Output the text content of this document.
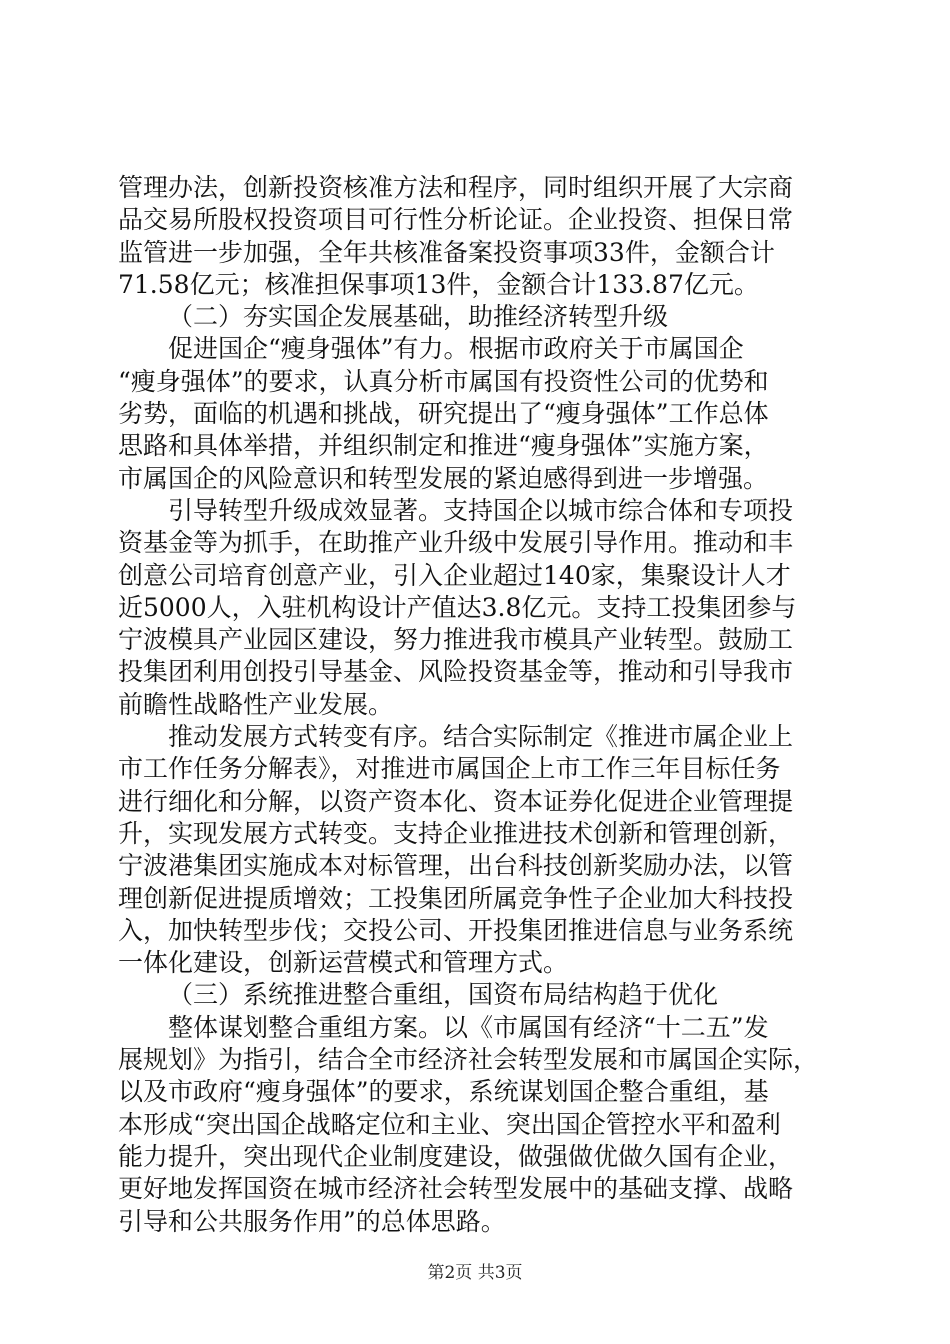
管理办法，创新投资核准方法和程序，同时组织开展了大宗商
品交易所股权投资项目可行性分析论证。企业投资、担保日常
监管进一步加强，全年共核准备案投资事项33件，金额合计
71.58亿元；核准担保事项13件，金额合计133.87亿元。
（二）夯实国企发展基础，助推经济转型升级
促进国企“瘦身强体”有力。根据市政府关于市属国企
“瘦身强体”的要求，认真分析市属国有投资性公司的优势和
劣势，面临的机遇和挑战，研究提出了“瘦身强体”工作总体
思路和具体举措，并组织制定和推进“瘦身强体”实施方案，
市属国企的风险意识和转型发展的紧迫感得到进一步增强。
引导转型升级成效显著。支持国企以城市综合体和专项投
资基金等为抓手，在助推产业升级中发展引导作用。推动和丰
创意公司培育创意产业，引入企业超过140家，集聚设计人才
近5000人，入驻机构设计产值达3.8亿元。支持工投集团参与
宁波模具产业园区建设，努力推进我市模具产业转型。鼓励工
投集团利用创投引导基金、风险投资基金等，推动和引导我市
前瞻性战略性产业发展。
推动发展方式转变有序。结合实际制定《推进市属企业上
市工作任务分解表》，对推进市属国企上市工作三年目标任务
进行细化和分解，以资产资本化、资本证券化促进企业管理提
升，实现发展方式转变。支持企业推进技术创新和管理创新，
宁波港集团实施成本对标管理，出台科技创新奖励办法，以管
理创新促进提质增效；工投集团所属竞争性子企业加大科技投
入，加快转型步伐；交投公司、开投集团推进信息与业务系统
一体化建设，创新运营模式和管理方式。
（三）系统推进整合重组，国资布局结构趋于优化
整体谋划整合重组方案。以《市属国有经济“十二五”发
展规划》为指引，结合全市经济社会转型发展和市属国企实际，
以及市政府“瘦身强体”的要求，系统谋划国企整合重组，基
本形成“突出国企战略定位和主业、突出国企管控水平和盈利
能力提升，突出现代企业制度建设，做强做优做久国有企业，
更好地发挥国资在城市经济社会转型发展中的基础支撑、战略
引导和公共服务作用”的总体思路。
第2页 共3页
